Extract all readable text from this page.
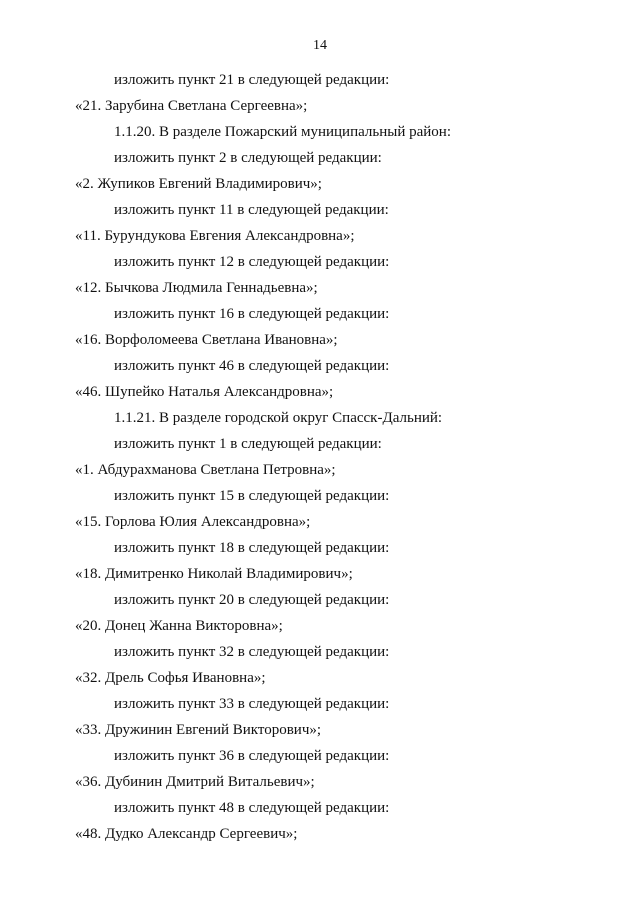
14
изложить пункт 21 в следующей редакции:
«21. Зарубина Светлана Сергеевна»;
1.1.20. В разделе Пожарский муниципальный район:
изложить пункт 2 в следующей редакции:
«2. Жупиков Евгений Владимирович»;
изложить пункт 11 в следующей редакции:
«11. Бурундукова Евгения Александровна»;
изложить пункт 12 в следующей редакции:
«12. Бычкова Людмила Геннадьевна»;
изложить пункт 16 в следующей редакции:
«16. Ворфоломеева Светлана Ивановна»;
изложить пункт 46 в следующей редакции:
«46. Шупейко Наталья Александровна»;
1.1.21. В разделе городской округ Спасск-Дальний:
изложить пункт 1 в следующей редакции:
«1. Абдурахманова Светлана Петровна»;
изложить пункт 15 в следующей редакции:
«15. Горлова Юлия Александровна»;
изложить пункт 18 в следующей редакции:
«18. Димитренко Николай Владимирович»;
изложить пункт 20 в следующей редакции:
«20. Донец Жанна Викторовна»;
изложить пункт 32 в следующей редакции:
«32. Дрель Софья Ивановна»;
изложить пункт 33 в следующей редакции:
«33. Дружинин Евгений Викторович»;
изложить пункт 36 в следующей редакции:
«36. Дубинин Дмитрий Витальевич»;
изложить пункт 48 в следующей редакции:
«48. Дудко Александр Сергеевич»;
